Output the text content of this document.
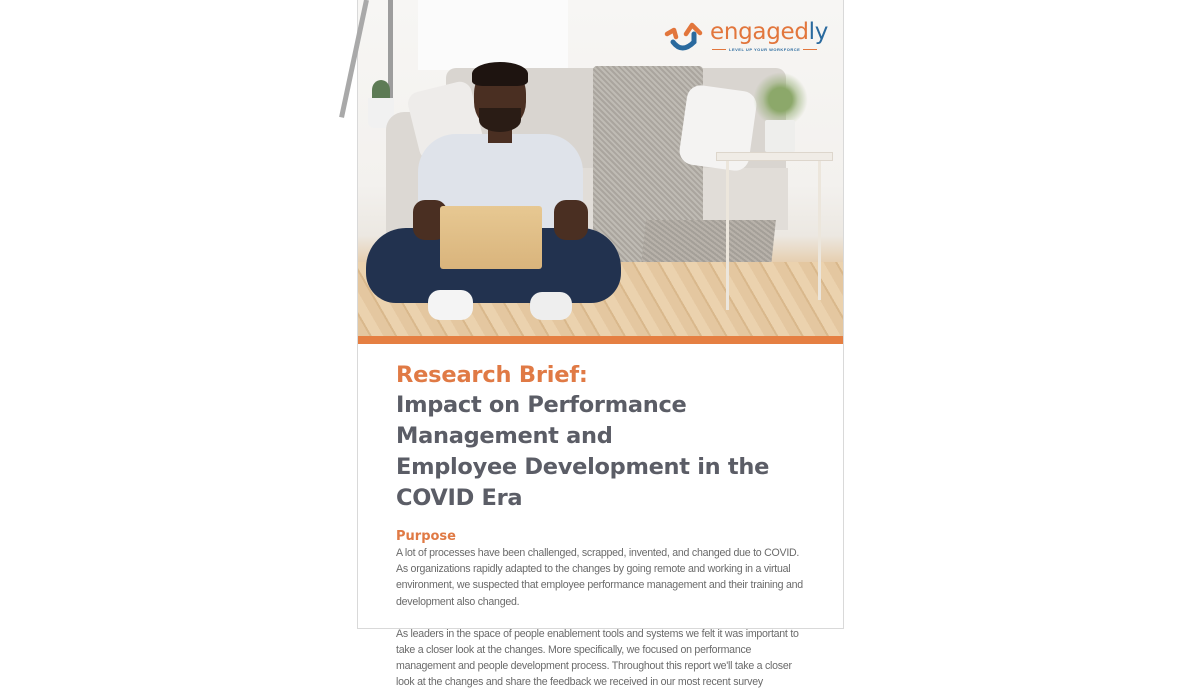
engagedly
LEVEL UP YOUR WORKFORCE
Research Brief:
Impact on Performance Management and
Employee Development in the COVID Era
Purpose

A lot of processes have been challenged, scrapped, invented, and changed due to COVID. As organizations rapidly adapted to the changes by going remote and working in a virtual environment, we suspected that employee performance management and their training and development also changed.

As leaders in the space of people enablement tools and systems we felt it was important to take a closer look at the changes. More specifically, we focused on performance management and people development process. Throughout this report we'll take a closer look at the changes and share the feedback we received in our most recent survey
